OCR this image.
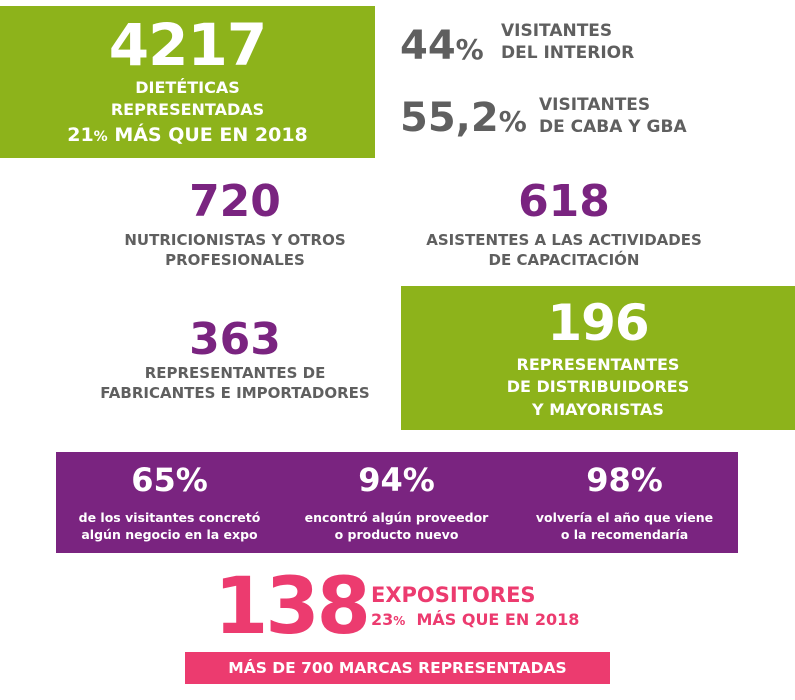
4217
DIETÉTICAS
REPRESENTADAS
21% MÁS QUE EN 2018
44%
VISITANTES
DEL INTERIOR
55,2% VISITANTES
DE CABA Y GBA
720
NUTRICIONISTAS Y OTROS
PROFESIONALES
618
ASISTENTES A LAS ACTIVIDADES
DE CAPACITACIÓN
363
REPRESENTANTES DE
FABRICANTES E IMPORTADORES
196
REPRESENTANTES
DE DISTRIBUIDORES
Y MAYORISTAS
65%
de los visitantes concretó
algún negocio en la expo
94%
encontró algún proveedor
o producto nuevo
98%
volvería el año que viene
o la recomendaría
138 EXPOSITORES
23%  MÁS QUE EN 2018
MÁS DE 700 MARCAS REPRESENTADAS
